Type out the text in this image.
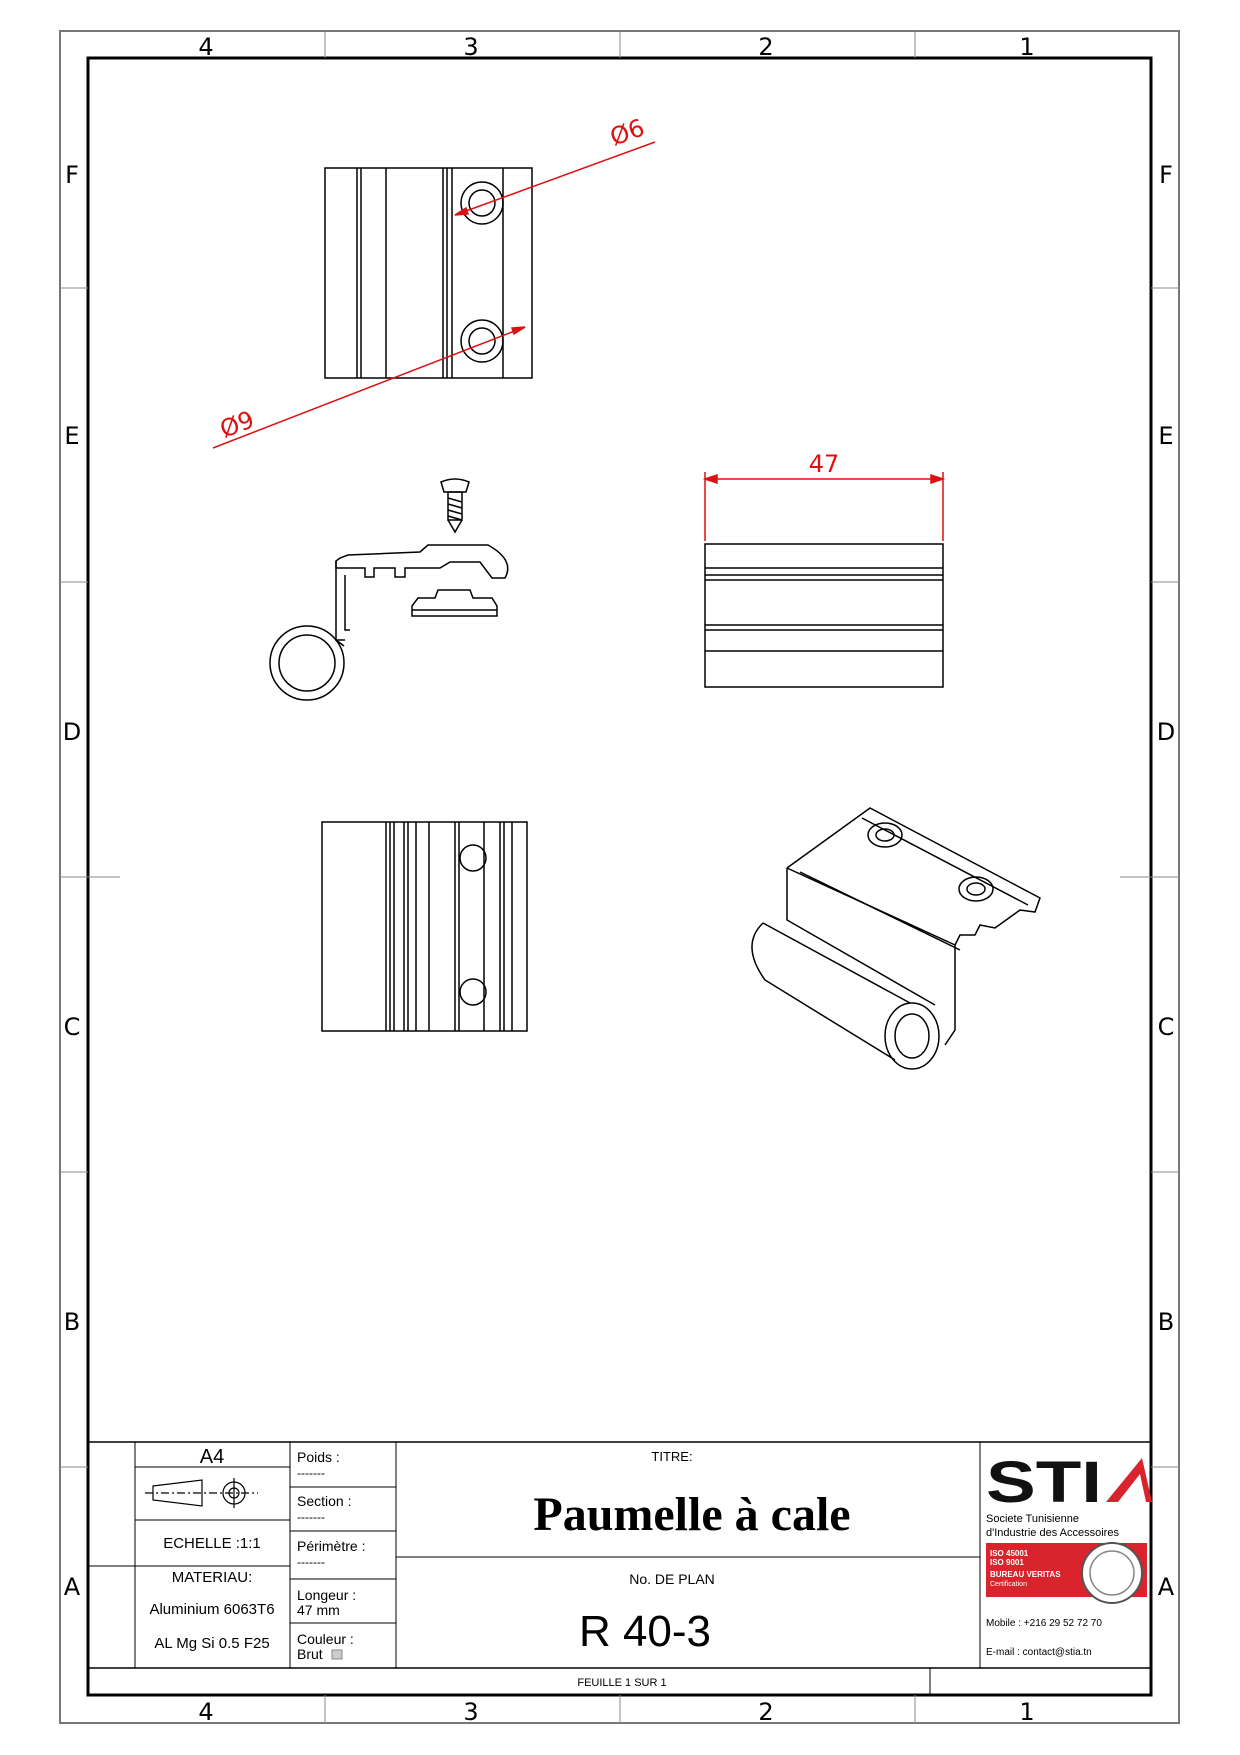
4	3	2	1
4	3	2	1
F
E
D
C
B
A
F
E
D
C
B
A
Ø6
Ø9
47
A4
ECHELLE :1:1
MATERIAU:
Aluminium 6063T6
AL Mg Si 0.5 F25
Poids :
-------
Section :
-------
Périmètre :
-------
Longeur :
47 mm
Couleur :
Brut
TITRE:
Paumelle à cale
No. DE PLAN
R 40-3
FEUILLE 1 SUR 1
STI
Societe Tunisienne
d'Industrie des Accessoires
ISO 45001
ISO 9001
BUREAU VERITAS
Certification
Mobile : +216 29 52 72 70
E-mail : contact@stia.tn
